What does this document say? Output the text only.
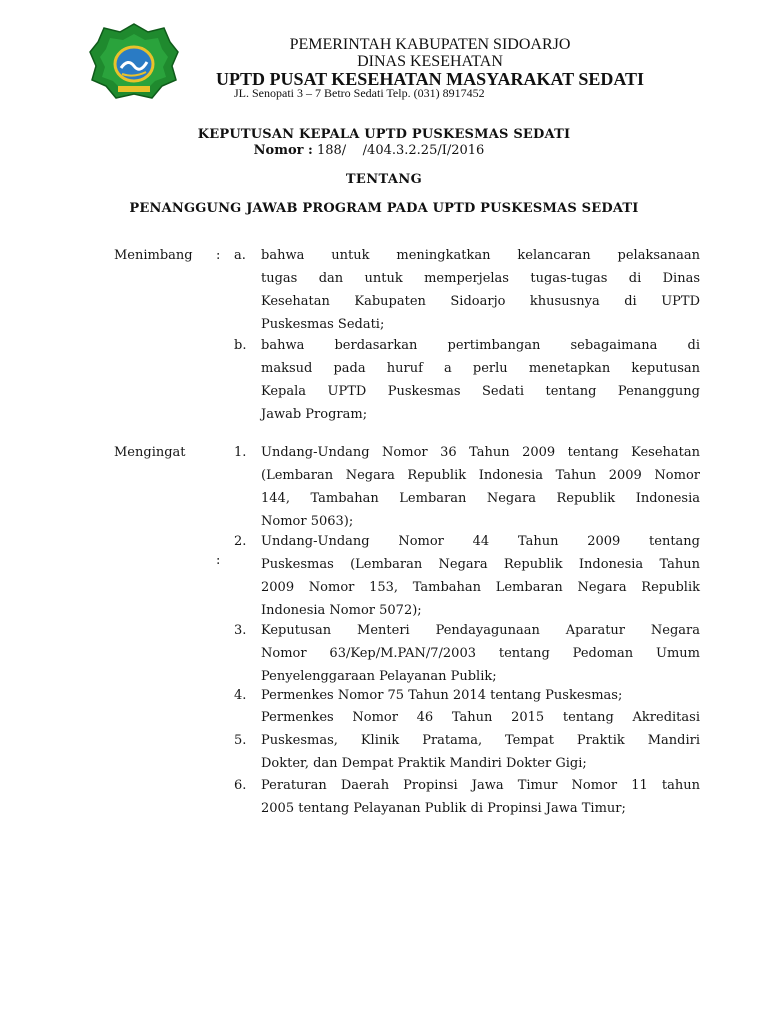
PEMERINTAH KABUPATEN SIDOARJO
DINAS KESEHATAN
UPTD PUSAT KESEHATAN MASYARAKAT SEDATI
JL. Senopati 3 – 7 Betro Sedati Telp. (031) 8917452
KEPUTUSAN KEPALA UPTD PUSKESMAS SEDATI
Nomor : 188/    /404.3.2.25/I/2016
TENTANG
PENANGGUNG JAWAB PROGRAM PADA UPTD PUSKESMAS SEDATI
Menimbang : a. bahwa untuk meningkatkan kelancaran pelaksanaan
tugas dan untuk memperjelas tugas-tugas di Dinas
Kesehatan Kabupaten Sidoarjo khususnya di UPTD
Puskesmas Sedati;
b. bahwa berdasarkan pertimbangan sebagaimana di
maksud pada huruf a perlu menetapkan keputusan
Kepala UPTD Puskesmas Sedati tentang Penanggung
Jawab Program;
Mengingat
:
1. Undang-Undang Nomor 36 Tahun 2009 tentang Kesehatan
(Lembaran Negara Republik Indonesia Tahun 2009 Nomor
144, Tambahan Lembaran Negara Republik Indonesia
Nomor 5063);
2. Undang-Undang Nomor 44 Tahun 2009 tentang
Puskesmas (Lembaran Negara Republik Indonesia Tahun
2009 Nomor 153, Tambahan Lembaran Negara Republik
Indonesia Nomor 5072);
3. Keputusan Menteri Pendayagunaan Aparatur Negara
Nomor 63/Kep/M.PAN/7/2003 tentang Pedoman Umum
Penyelenggaraan Pelayanan Publik;
4. Permenkes Nomor 75 Tahun 2014 tentang Puskesmas;
Permenkes Nomor 46 Tahun 2015 tentang Akreditasi
5. Puskesmas, Klinik Pratama, Tempat Praktik Mandiri
Dokter, dan Dempat Praktik Mandiri Dokter Gigi;
6. Peraturan Daerah Propinsi Jawa Timur Nomor 11 tahun
2005 tentang Pelayanan Publik di Propinsi Jawa Timur;
